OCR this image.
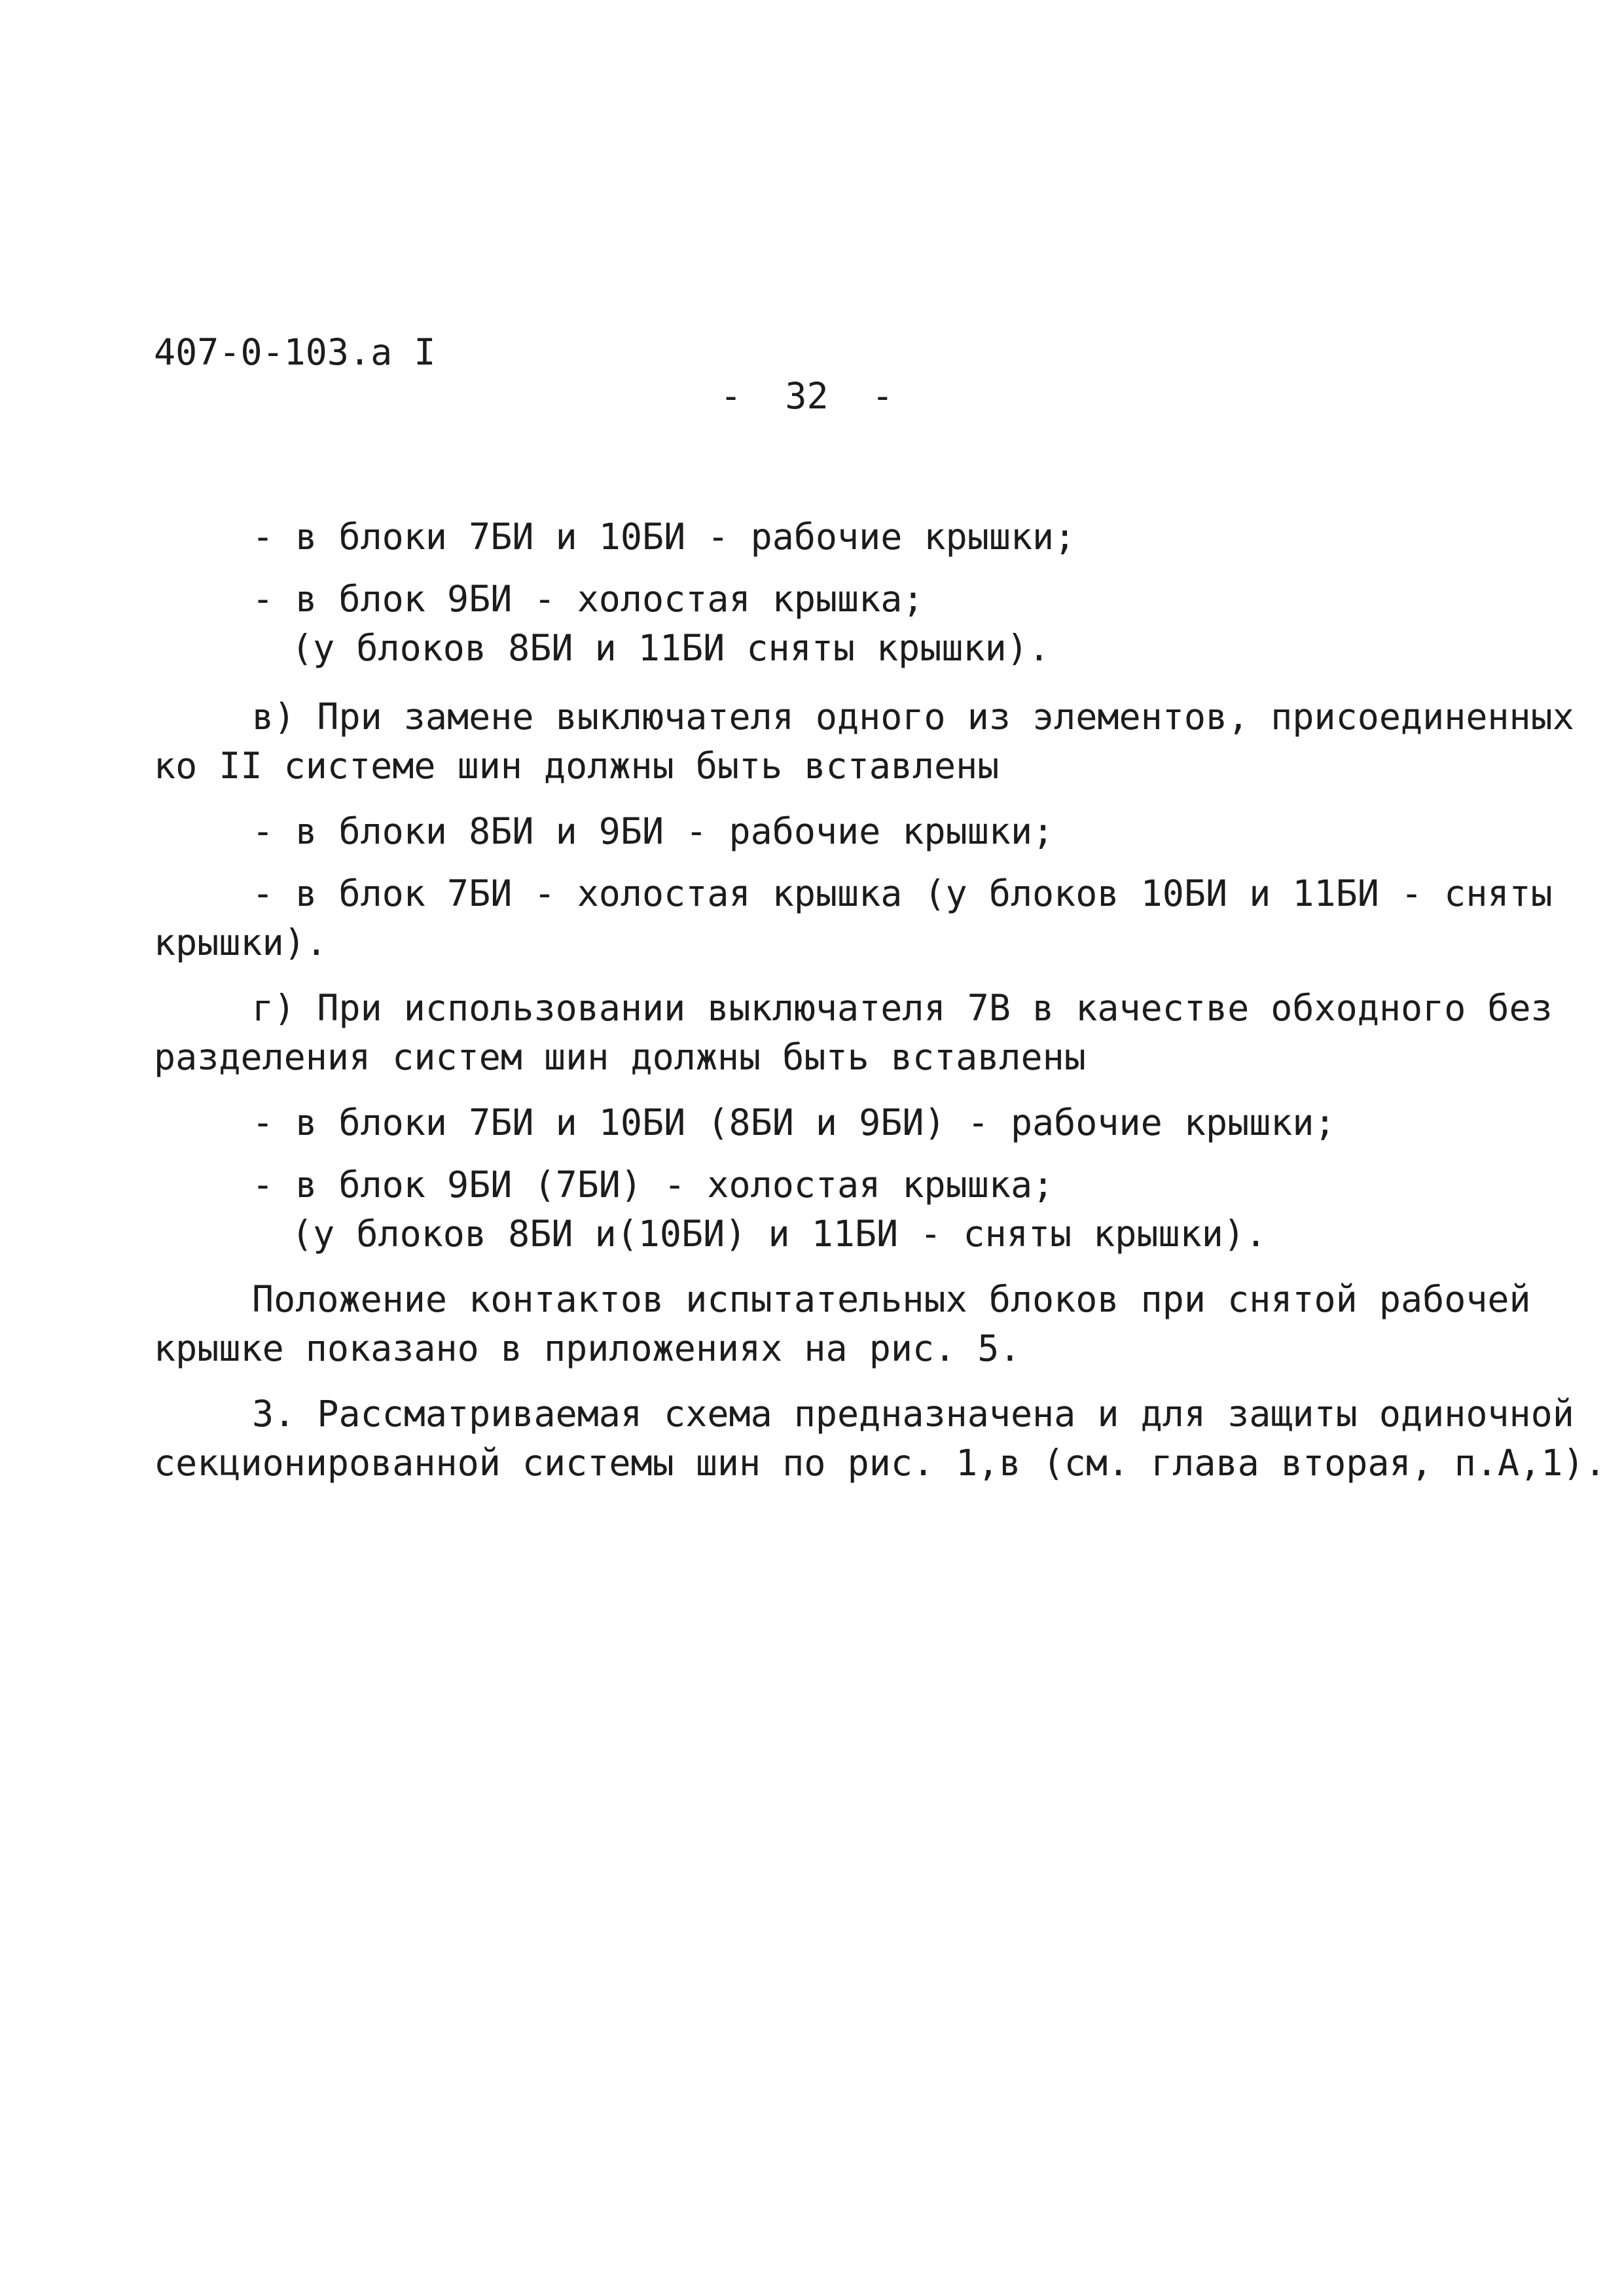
407-0-103.а I
-  32  -
- в блоки 7БИ и 10БИ - рабочие крышки;
- в блок 9БИ - холостая крышка;
(у блоков 8БИ и 11БИ сняты крышки).
в) При замене выключателя одного из элементов, присоединенных
ко II системе шин должны быть вставлены
- в блоки 8БИ и 9БИ - рабочие крышки;
- в блок 7БИ - холостая крышка (у блоков 10БИ и 11БИ - сняты
крышки).
г) При использовании выключателя 7В в качестве обходного без
разделения систем шин должны быть вставлены
- в блоки 7БИ и 10БИ (8БИ и 9БИ) - рабочие крышки;
- в блок 9БИ (7БИ) - холостая крышка;
(у блоков 8БИ и(10БИ) и 11БИ - сняты крышки).
Положение контактов испытательных блоков при снятой рабочей
крышке показано в приложениях на рис. 5.
3. Рассматриваемая схема предназначена и для защиты одиночной
секционированной системы шин по рис. 1,в (см. глава вторая, п.А,1).
